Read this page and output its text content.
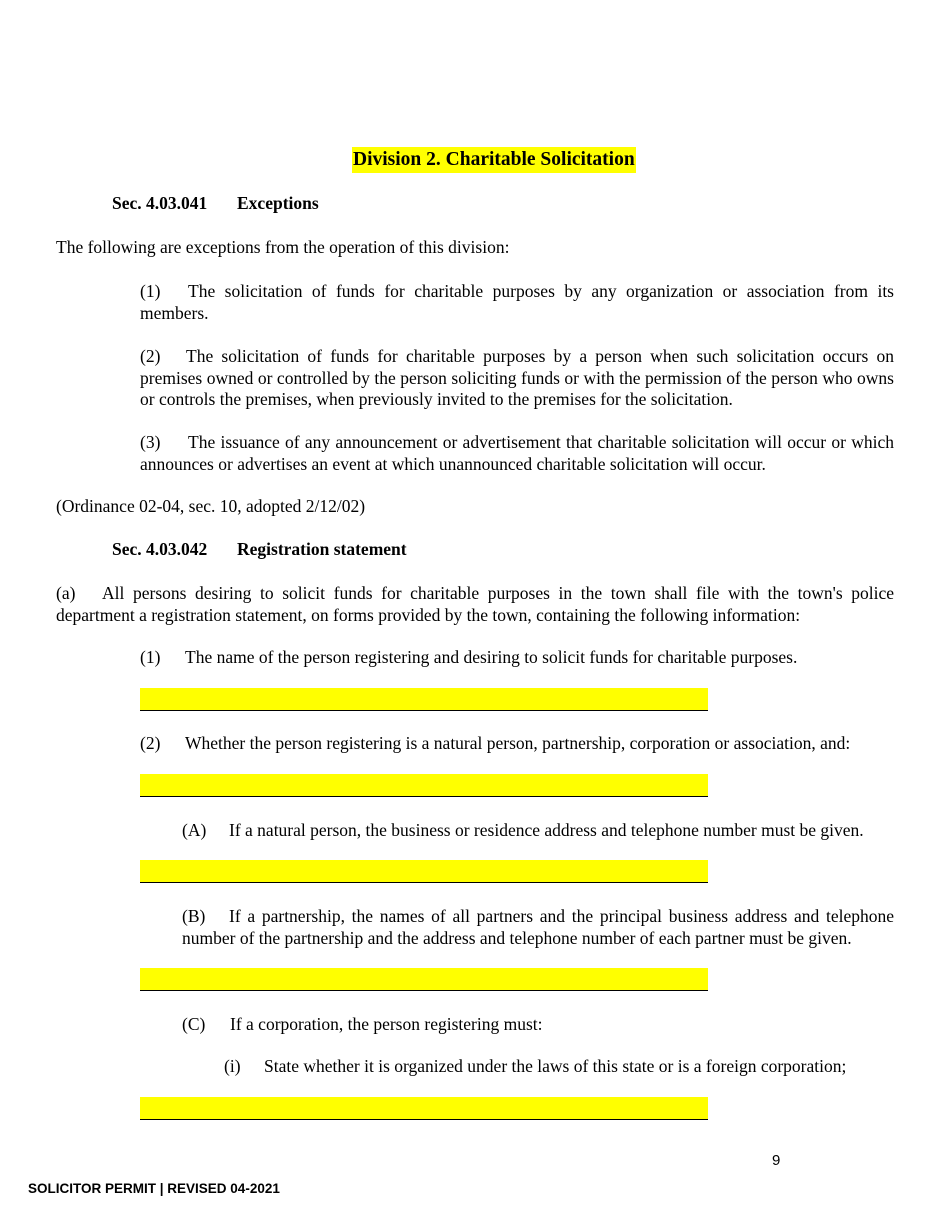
Division 2. Charitable Solicitation
Sec. 4.03.041 Exceptions

The following are exceptions from the operation of this division:

(1) The solicitation of funds for charitable purposes by any organization or association from its members.

(2) The solicitation of funds for charitable purposes by a person when such solicitation occurs on premises owned or controlled by the person soliciting funds or with the permission of the person who owns or controls the premises, when previously invited to the premises for the solicitation.

(3) The issuance of any announcement or advertisement that charitable solicitation will occur or which announces or advertises an event at which unannounced charitable solicitation will occur.

(Ordinance 02-04, sec. 10, adopted 2/12/02)

Sec. 4.03.042 Registration statement

(a) All persons desiring to solicit funds for charitable purposes in the town shall file with the town's police department a registration statement, on forms provided by the town, containing the following information:

(1) The name of the person registering and desiring to solicit funds for charitable purposes.

(2) Whether the person registering is a natural person, partnership, corporation or association, and:

(A) If a natural person, the business or residence address and telephone number must be given.

(B) If a partnership, the names of all partners and the principal business address and telephone number of the partnership and the address and telephone number of each partner must be given.

(C) If a corporation, the person registering must:

(i) State whether it is organized under the laws of this state or is a foreign corporation;

9
SOLICITOR PERMIT | REVISED 04-2021
